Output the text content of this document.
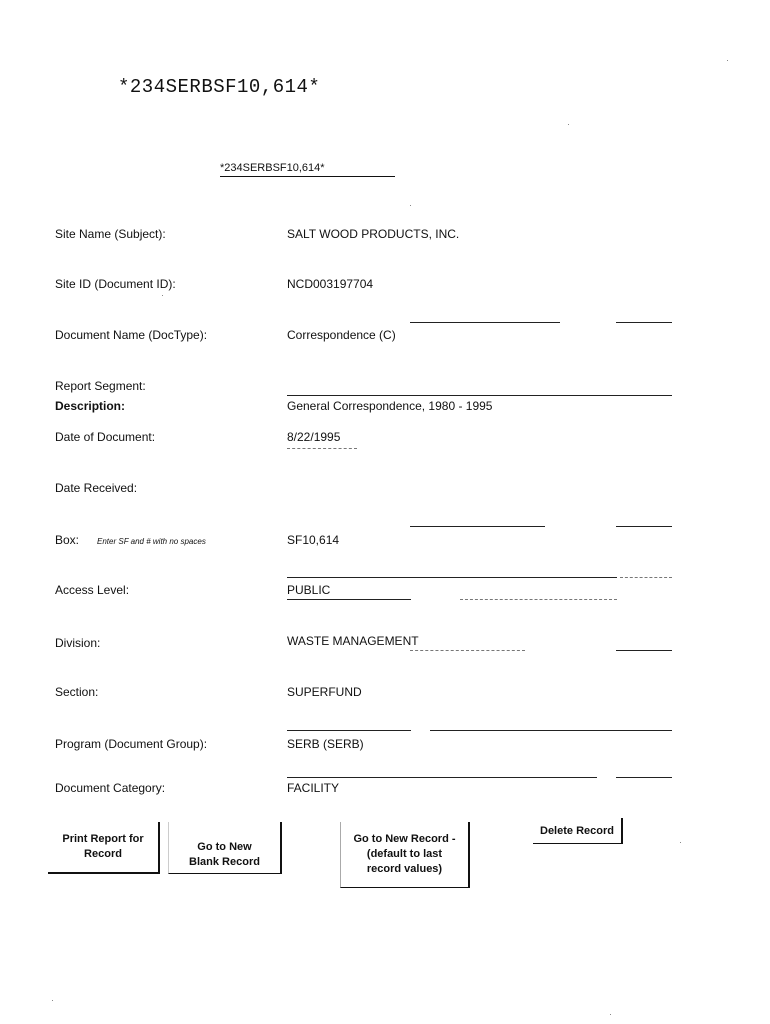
*234SERBSF10,614*
*234SERBSF10,614*
Site Name (Subject):	SALT WOOD PRODUCTS, INC.
Site ID (Document ID):	NCD003197704
Document Name (DocType):	Correspondence (C)
Report Segment:
Description:	General Correspondence, 1980 - 1995
Date of Document:	8/22/1995
Date Received:
Box: Enter SF and # with no spaces	SF10,614
Access Level:	PUBLIC
Division:	WASTE MANAGEMENT
Section:	SUPERFUND
Program (Document Group):	SERB (SERB)
Document Category:	FACILITY
Print Report for
Record
Go to New
Blank Record
Go to New Record -
(default to last
record values)
Delete Record
